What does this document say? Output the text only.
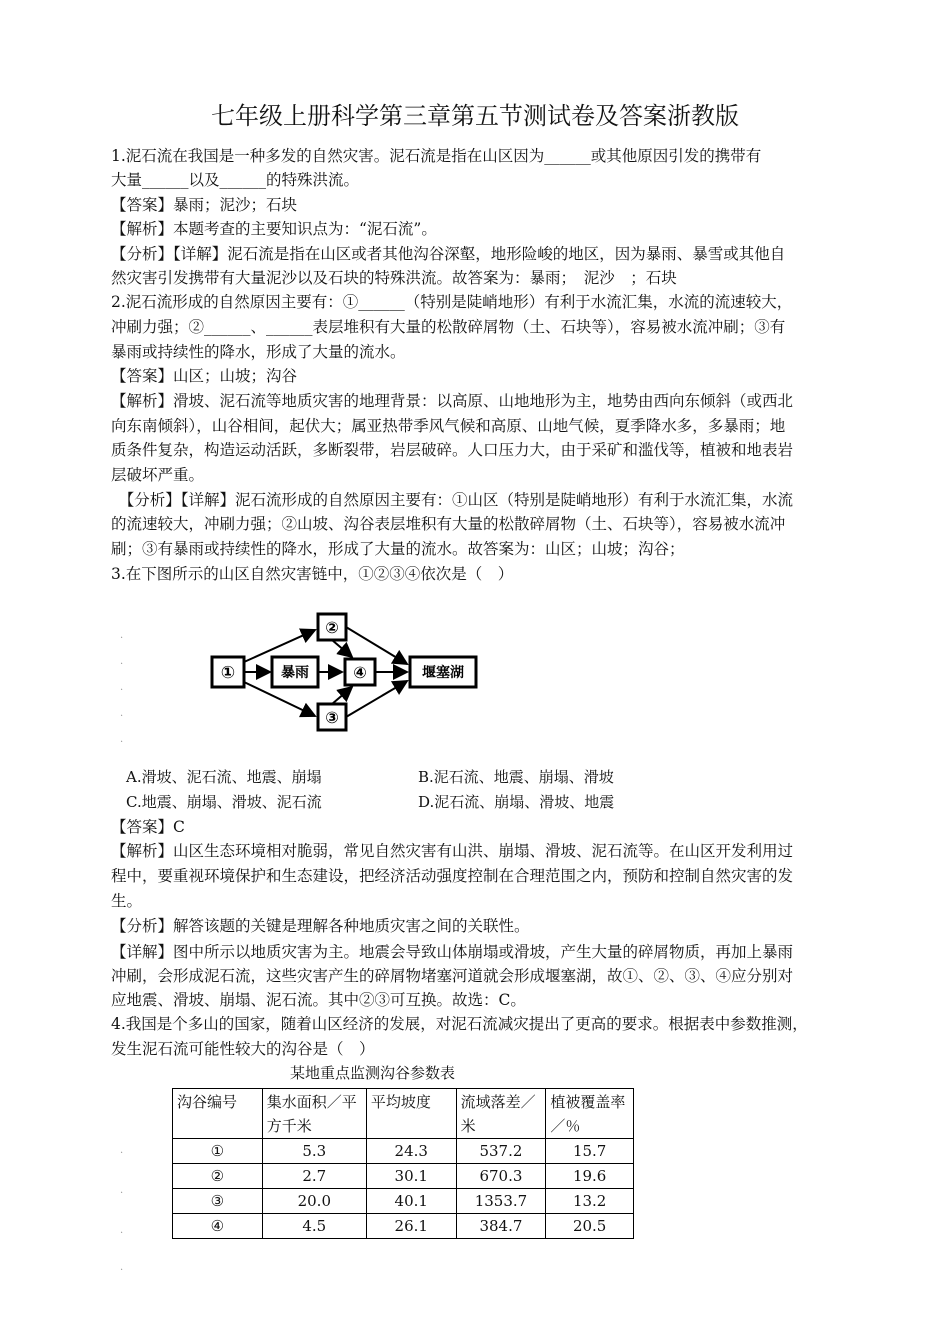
七年级上册科学第三章第五节测试卷及答案浙教版
1.泥石流在我国是一种多发的自然灾害。泥石流是指在山区因为______或其他原因引发的携带有
大量______以及______的特殊洪流。
【答案】暴雨；泥沙；石块
【解析】本题考查的主要知识点为：“泥石流”。
【分析】【详解】泥石流是指在山区或者其他沟谷深壑，地形险峻的地区，因为暴雨、暴雪或其他自
然灾害引发携带有大量泥沙以及石块的特殊洪流。故答案为：暴雨；　泥沙　；石块
2.泥石流形成的自然原因主要有：①______（特别是陡峭地形）有利于水流汇集，水流的流速较大，
冲刷力强；②______、______表层堆积有大量的松散碎屑物（土、石块等），容易被水流冲刷；③有
暴雨或持续性的降水，形成了大量的流水。
【答案】山区；山坡；沟谷
【解析】滑坡、泥石流等地质灾害的地理背景：以高原、山地地形为主，地势由西向东倾斜（或西北
向东南倾斜），山谷相间，起伏大；属亚热带季风气候和高原、山地气候，夏季降水多，多暴雨；地
质条件复杂，构造运动活跃，多断裂带，岩层破碎。人口压力大，由于采矿和滥伐等，植被和地表岩
层破坏严重。
　【分析】【详解】泥石流形成的自然原因主要有：①山区（特别是陡峭地形）有利于水流汇集，水流
的流速较大，冲刷力强；②山坡、沟谷表层堆积有大量的松散碎屑物（土、石块等），容易被水流冲
刷；③有暴雨或持续性的降水，形成了大量的流水。故答案为：山区；山坡；沟谷；
3.在下图所示的山区自然灾害链中，①②③④依次是（　）
.
.
.
.
.
①	暴雨
②
④
③
堰塞湖
A.滑坡、泥石流、地震、崩塌	B.泥石流、地震、崩塌、滑坡
C.地震、崩塌、滑坡、泥石流	D.泥石流、崩塌、滑坡、地震
【答案】C
【解析】山区生态环境相对脆弱，常见自然灾害有山洪、崩塌、滑坡、泥石流等。在山区开发利用过
程中，要重视环境保护和生态建设，把经济活动强度控制在合理范围之内，预防和控制自然灾害的发
生。
【分析】解答该题的关键是理解各种地质灾害之间的关联性。
【详解】图中所示以地质灾害为主。地震会导致山体崩塌或滑坡，产生大量的碎屑物质，再加上暴雨
冲刷，会形成泥石流，这些灾害产生的碎屑物堵塞河道就会形成堰塞湖，故①、②、③、④应分别对
应地震、滑坡、崩塌、泥石流。其中②③可互换。故选：C。
4.我国是个多山的国家，随着山区经济的发展，对泥石流减灾提出了更高的要求。根据表中参数推测，
发生泥石流可能性较大的沟谷是（　）
某地重点监测沟谷参数表
沟谷编号	集水面积／平方千米	平均坡度	流域落差／米	植被覆盖率／％
①	5.3	24.3	537.2	15.7
②	2.7	30.1	670.3	19.6
③	20.0	40.1	1353.7	13.2
④	4.5	26.1	384.7	20.5
.
.
.
.
